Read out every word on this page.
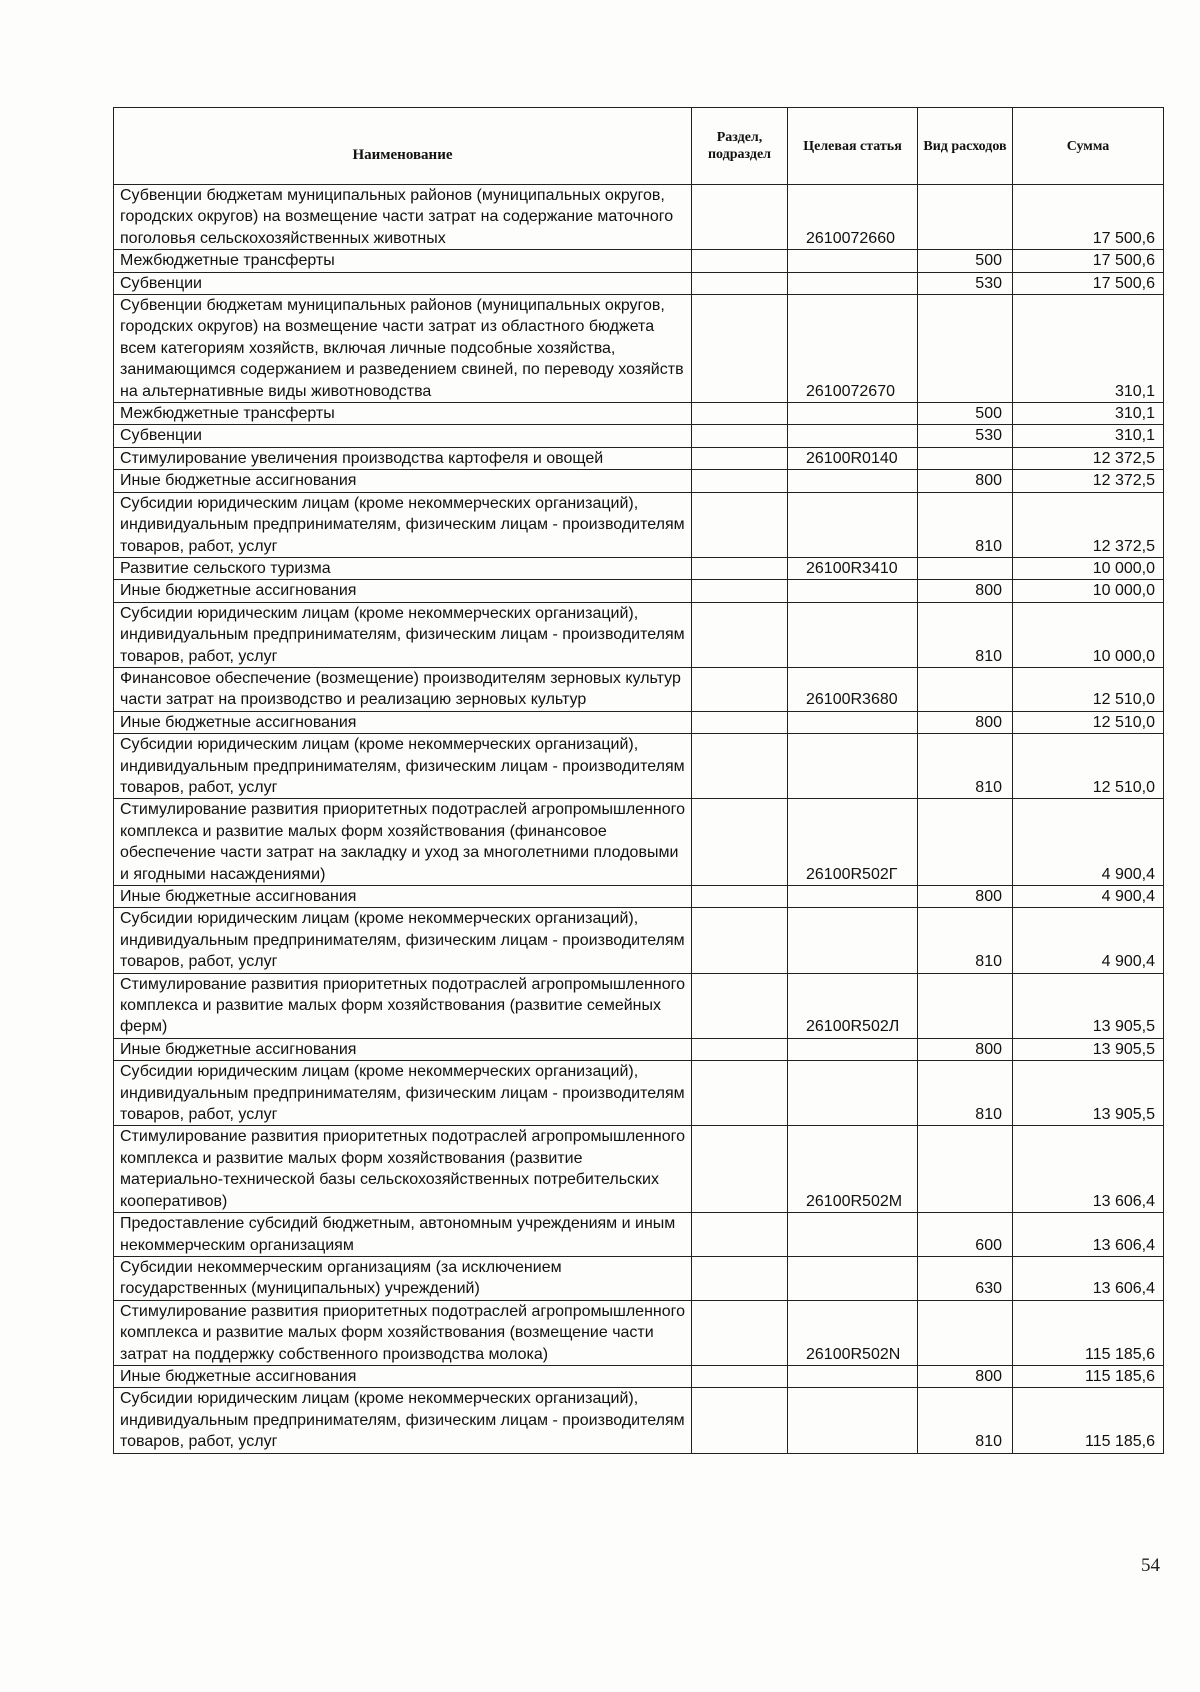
Наименование	Раздел, подраздел	Целевая статья	Вид расходов	Сумма
Субвенции бюджетам муниципальных районов (муниципальных округов, городских округов) на возмещение части затрат на содержание маточного поголовья сельскохозяйственных животных		2610072660		17 500,6
Межбюджетные трансферты			500	17 500,6
Субвенции			530	17 500,6
Субвенции бюджетам муниципальных районов (муниципальных округов, городских округов) на возмещение части затрат из областного бюджета всем категориям хозяйств, включая личные подсобные хозяйства, занимающимся содержанием и разведением свиней, по переводу хозяйств на альтернативные виды животноводства		2610072670		310,1
Межбюджетные трансферты			500	310,1
Субвенции			530	310,1
Стимулирование увеличения производства картофеля и овощей		26100R0140		12 372,5
Иные бюджетные ассигнования			800	12 372,5
Субсидии юридическим лицам (кроме некоммерческих организаций), индивидуальным предпринимателям, физическим лицам - производителям товаров, работ, услуг			810	12 372,5
Развитие сельского туризма		26100R3410		10 000,0
Иные бюджетные ассигнования			800	10 000,0
Субсидии юридическим лицам (кроме некоммерческих организаций), индивидуальным предпринимателям, физическим лицам - производителям товаров, работ, услуг			810	10 000,0
Финансовое обеспечение (возмещение) производителям зерновых культур части затрат на производство и реализацию зерновых культур		26100R3680		12 510,0
Иные бюджетные ассигнования			800	12 510,0
Субсидии юридическим лицам (кроме некоммерческих организаций), индивидуальным предпринимателям, физическим лицам - производителям товаров, работ, услуг			810	12 510,0
Стимулирование развития приоритетных подотраслей агропромышленного комплекса и развитие малых форм хозяйствования (финансовое обеспечение части затрат на закладку и уход за многолетними плодовыми и ягодными насаждениями)		26100R502Г		4 900,4
Иные бюджетные ассигнования			800	4 900,4
Субсидии юридическим лицам (кроме некоммерческих организаций), индивидуальным предпринимателям, физическим лицам - производителям товаров, работ, услуг			810	4 900,4
Стимулирование развития приоритетных подотраслей агропромышленного комплекса и развитие малых форм хозяйствования (развитие семейных ферм)		26100R502Л		13 905,5
Иные бюджетные ассигнования			800	13 905,5
Субсидии юридическим лицам (кроме некоммерческих организаций), индивидуальным предпринимателям, физическим лицам - производителям товаров, работ, услуг			810	13 905,5
Стимулирование развития приоритетных подотраслей агропромышленного комплекса и развитие малых форм хозяйствования (развитие материально-технической базы сельскохозяйственных потребительских кооперативов)		26100R502M		13 606,4
Предоставление субсидий бюджетным, автономным учреждениям и иным некоммерческим организациям			600	13 606,4
Субсидии некоммерческим организациям (за исключением государственных (муниципальных) учреждений)			630	13 606,4
Стимулирование развития приоритетных подотраслей агропромышленного комплекса и развитие малых форм хозяйствования (возмещение части затрат на поддержку собственного производства молока)		26100R502N		115 185,6
Иные бюджетные ассигнования			800	115 185,6
Субсидии юридическим лицам (кроме некоммерческих организаций), индивидуальным предпринимателям, физическим лицам - производителям товаров, работ, услуг			810	115 185,6
54
